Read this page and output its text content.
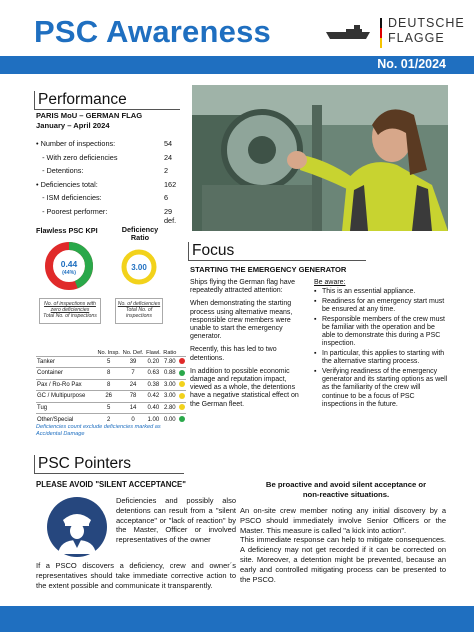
PSC Awareness	DEUTSCHE
FLAGGE
No. 01/2024
Performance
PARIS MoU – GERMAN FLAG
January – April 2024
• Number of inspections:	54
- With zero deficiencies	24
- Detentions:	2
• Deficiencies total:	162
- ISM deficiencies:	6
- Poorest performer:	29 def.
Flawless PSC KPI	Deficiency Ratio
0.44
(44%)
3.00
No. of inspections with zero deficiencies
Total No. of inspections
No. of deficiencies
Total No. of inspections
	No. Insp.	No. Def.	Flawl.	Ratio	
Tanker	5	39	0.20	7.80	
Container	8	7	0.63	0.88	
Pax / Ro-Ro Pax	8	24	0.38	3.00	
GC / Multipurpose	26	78	0.42	3.00	
Tug	5	14	0.40	2.80	
Other/Special	2	0	1.00	0.00	
Deficiencies count exclude deficiencies marked as Accidental Damage
Focus
STARTING THE EMERGENCY GENERATOR

Ships flying the German flag have repeatedly attracted attention:

When demonstrating the starting process using alternative means, responsible crew members were unable to start the emergency generator.

Recently, this has led to two detentions.

In addition to possible economic damage and reputation impact, viewed as a whole, the detentions have a negative statistical effect on the German fleet.

Be aware:
▪ This is an essential appliance.
▪ Readiness for an emergency start must be ensured at any time.
▪ Responsible members of the crew must be familiar with the operation and be able to demonstrate this during a PSC inspection.
▪ In particular, this applies to starting with the alternative starting process.
▪ Verifying readiness of the emergency generator and its starting options as well as the familiarity of the crew will continue to be a focus of PSC inspections in the future.
PSC Pointers
PLEASE AVOID "SILENT ACCEPTANCE"
Deficiencies and possibly also detentions can result from a "silent acceptance" or "lack of reaction" by the Master, Officer or involved representatives of the owner
If a PSCO discovers a deficiency, crew and owner´s representatives should take immediate corrective action to the extent possible and communicate it transparently.
Be proactive and avoid silent acceptance or
non-reactive situations.
An on-site crew member noting any initial discovery by a PSCO should immediately involve Senior Officers or the Master. This measure is called "a kick into action".
This immediate response can help to mitigate consequences. A deficiency may not get recorded if it can be corrected on site. Moreover, a detention might be prevented, because an early and controlled mitigating process can be presented to the PSCO.
